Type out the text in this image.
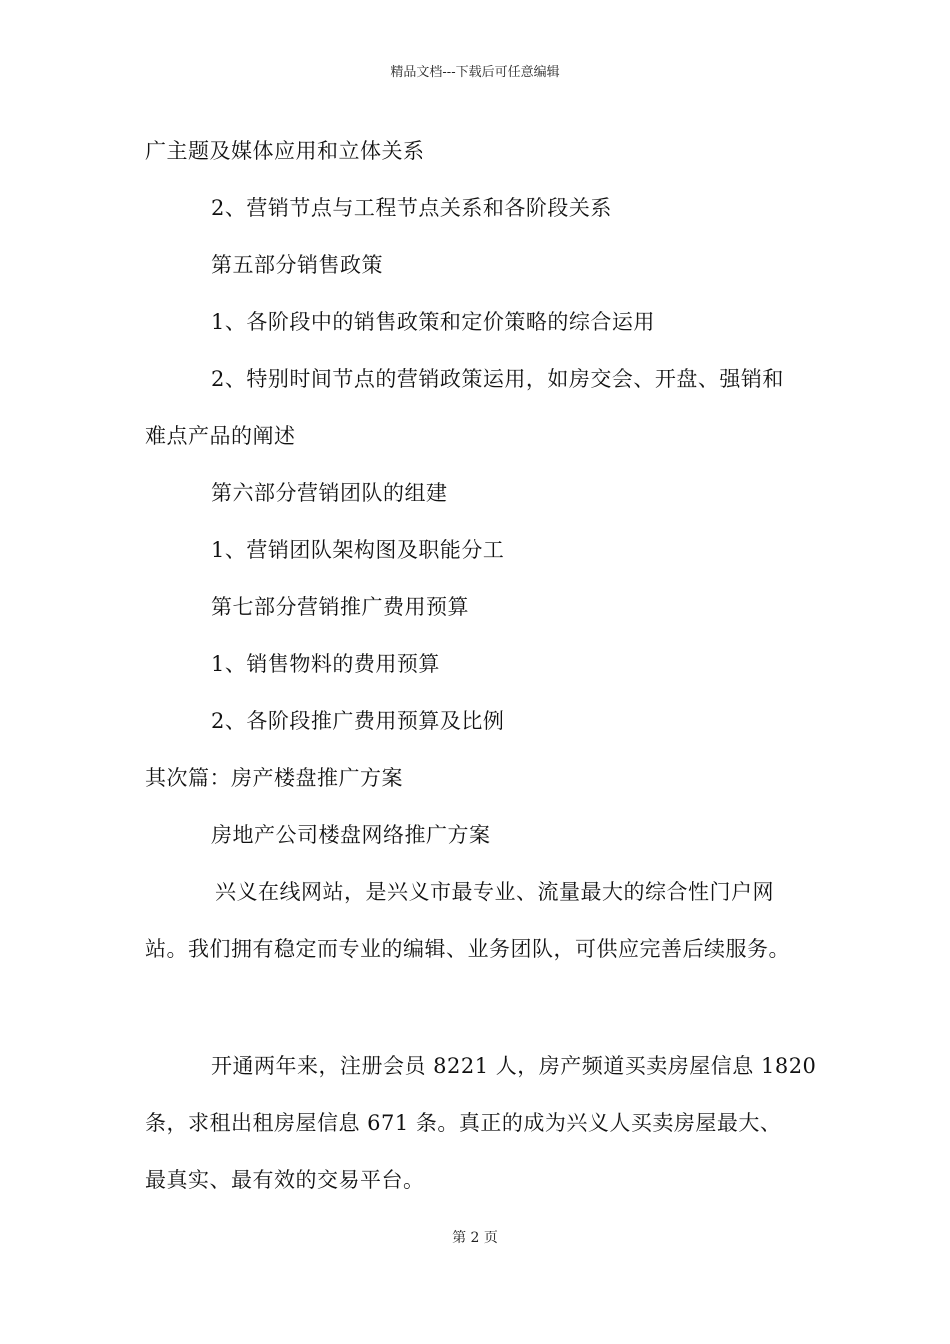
精品文档---下载后可任意编辑
广主题及媒体应用和立体关系
2、营销节点与工程节点关系和各阶段关系
第五部分销售政策
1、各阶段中的销售政策和定价策略的综合运用
2、特别时间节点的营销政策运用，如房交会、开盘、强销和
难点产品的阐述
第六部分营销团队的组建
1、营销团队架构图及职能分工
第七部分营销推广费用预算
1、销售物料的费用预算
2、各阶段推广费用预算及比例
其次篇：房产楼盘推广方案
房地产公司楼盘网络推广方案
兴义在线网站，是兴义市最专业、流量最大的综合性门户网
站。我们拥有稳定而专业的编辑、业务团队，可供应完善后续服务。
开通两年来，注册会员 8221 人，房产频道买卖房屋信息 1820
条，求租出租房屋信息 671 条。真正的成为兴义人买卖房屋最大、
最真实、最有效的交易平台。
第 2 页
